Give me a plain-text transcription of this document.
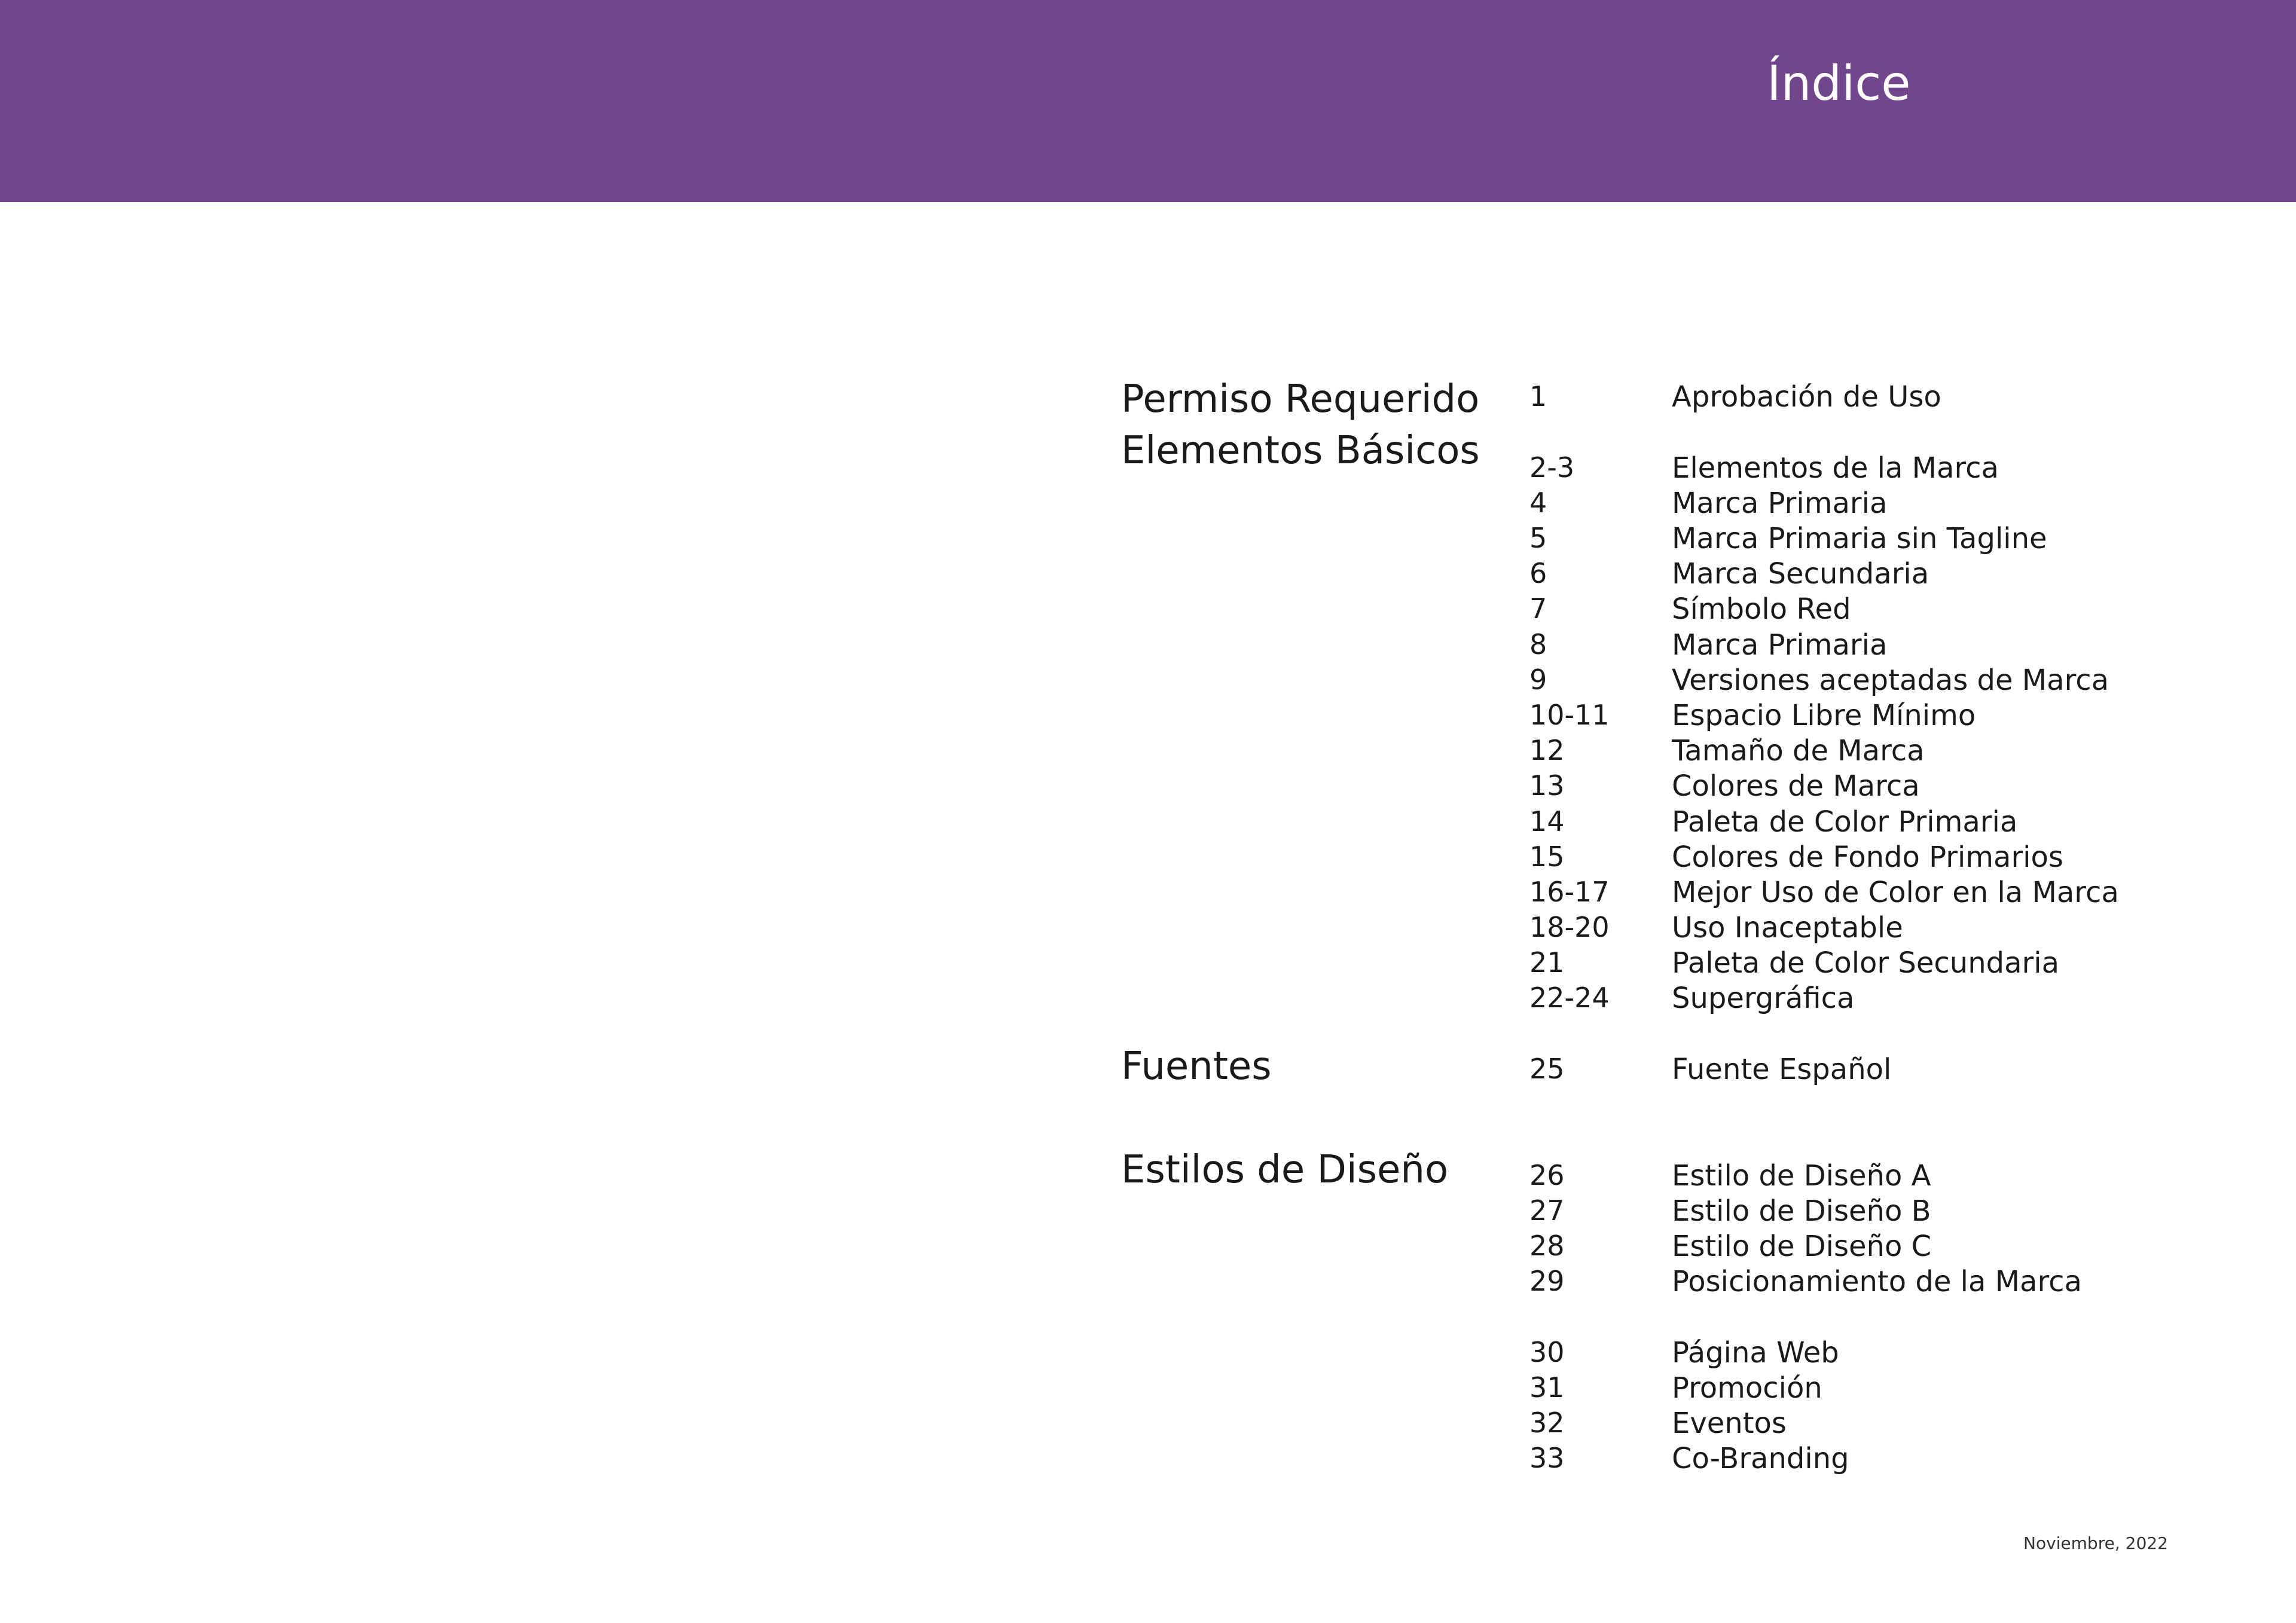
Índice
Permiso Requerido
Elementos Básicos
Fuentes
Estilos de Diseño
1
2-3
4
5
6
7
8
9
10-11
12
13
14
15
16-17
18-20
21
22-24
25
26
27
28
29
30
31
32
33
Aprobación de Uso
Elementos de la Marca
Marca Primaria
Marca Primaria sin Tagline
Marca Secundaria
Símbolo Red
Marca Primaria
Versiones aceptadas de Marca
Espacio Libre Mínimo
Tamaño de Marca
Colores de Marca
Paleta de Color Primaria
Colores de Fondo Primarios
Mejor Uso de Color en la Marca
Uso Inaceptable
Paleta de Color Secundaria
Supergráfica
Fuente Español
Estilo de Diseño A
Estilo de Diseño B
Estilo de Diseño C
Posicionamiento de la Marca
Página Web
Promoción
Eventos
Co-Branding
Noviembre, 2022
